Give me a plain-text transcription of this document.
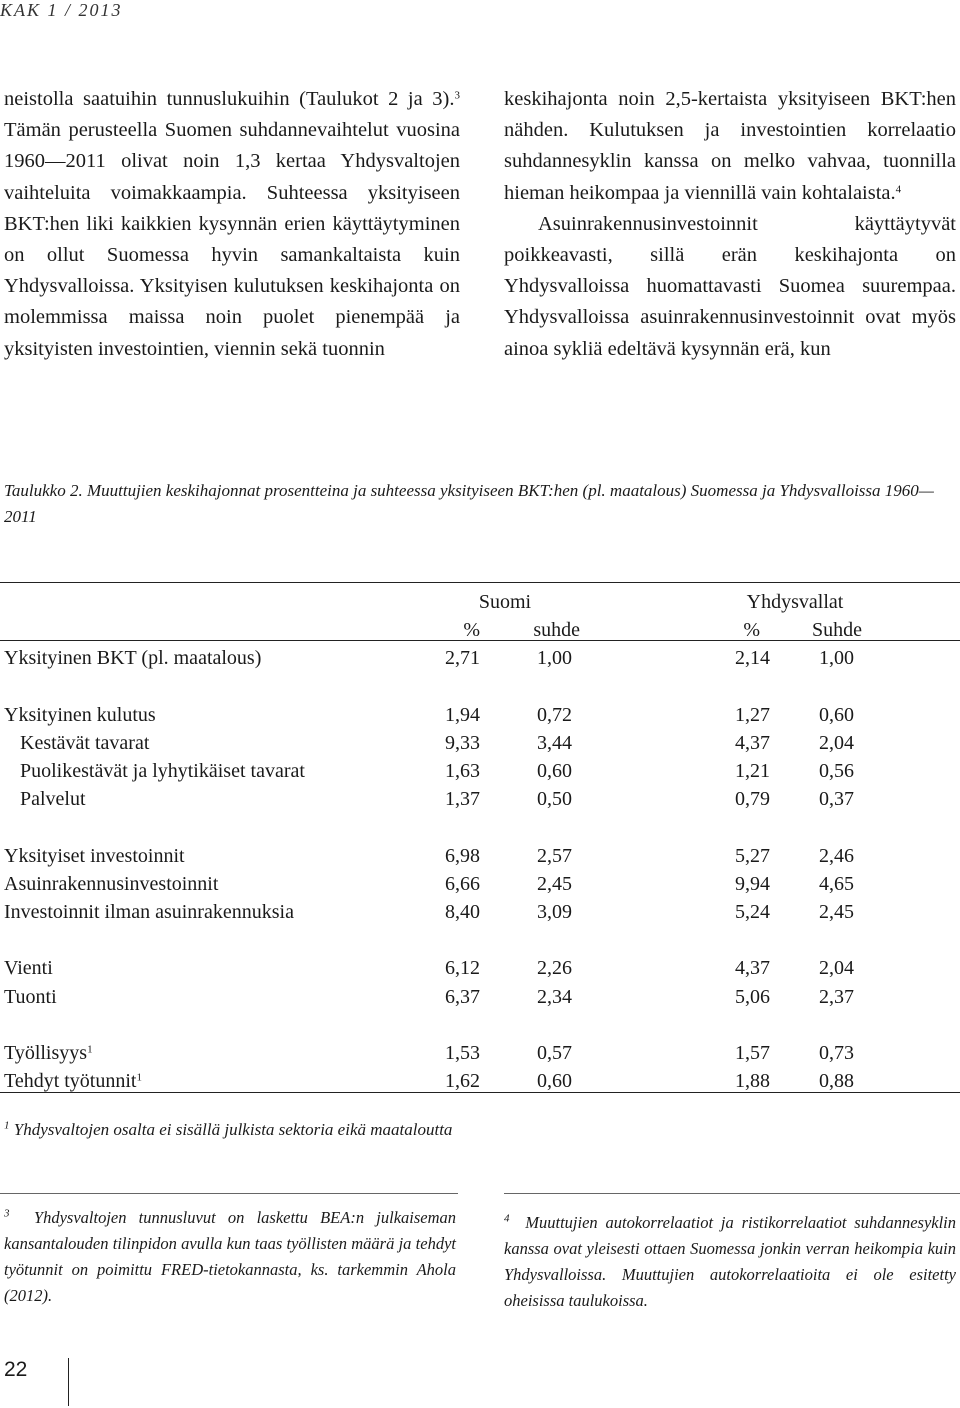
KAK 1 / 2013

neistolla saatuihin tunnuslukuihin (Taulukot 2 ja 3).$^3$ Tämän perusteella Suomen suhdannevaihtelut vuosina 1960—2011 olivat noin 1,3 kertaa Yhdysvaltojen vaihteluita voimakkaampia. Suhteessa yksityiseen BKT:hen liki kaikkien kysynnän erien käyttäytyminen on ollut Suomessa hyvin samankaltaista kuin Yhdysvalloissa. Yksityisen kulutuksen keskihajonta on molemmissa maissa noin puolet pienempää ja yksityisten investointien, viennin sekä tuonnin

keskihajonta noin 2,5-kertaista yksityiseen BKT:hen nähden. Kulutuksen ja investointien korrelaatio suhdannesyklin kanssa on melko vahvaa, tuonnilla hieman heikompaa ja viennillä vain kohtalaista.$^4$

Asuinrakennusinvestoinnit käyttäytyvät poikkeavasti, sillä erän keskihajonta on Yhdysvalloissa huomattavasti Suomea suurempaa. Yhdysvalloissa asuinrakennusinvestoinnit ovat myös ainoa sykliä edeltävä kysynnän erä, kun

Taulukko 2. Muuttujien keskihajonnat prosentteina ja suhteessa yksityiseen BKT:hen (pl. maatalous) Suomessa ja Yhdysvalloissa 1960—2011
Suomi	Yhdysvallat
%	suhde	%	Suhde
Yksityinen BKT (pl. maatalous)	2,71	1,00	2,14	1,00
Yksityinen kulutus	1,94	0,72	1,27	0,60
Kestävät tavarat	9,33	3,44	4,37	2,04
Puolikestävät ja lyhytikäiset tavarat	1,63	0,60	1,21	0,56
Palvelut	1,37	0,50	0,79	0,37
Yksityiset investoinnit	6,98	2,57	5,27	2,46
Asuinrakennusinvestoinnit	6,66	2,45	9,94	4,65
Investoinnit ilman asuinrakennuksia	8,40	3,09	5,24	2,45
Vienti	6,12	2,26	4,37	2,04
Tuonti	6,37	2,34	5,06	2,37
Työllisyys$^1$	1,53	0,57	1,57	0,73
Tehdyt työtunnit$^1$	1,62	0,60	1,88	0,88
$^1$ Yhdysvaltojen osalta ei sisällä julkista sektoria eikä maataloutta
$^3$ Yhdysvaltojen tunnusluvut on laskettu BEA:n julkaiseman kansantalouden tilinpidon avulla kun taas työllisten määrä ja tehdyt työtunnit on poimittu FRED-tietokannasta, ks. tarkemmin Ahola (2012).
$^4$ Muuttujien autokorrelaatiot ja ristikorrelaatiot suhdannesyklin kanssa ovat yleisesti ottaen Suomessa jonkin verran heikompia kuin Yhdysvalloissa. Muuttujien autokorrelaatioita ei ole esitetty oheisissa taulukoissa.
22
